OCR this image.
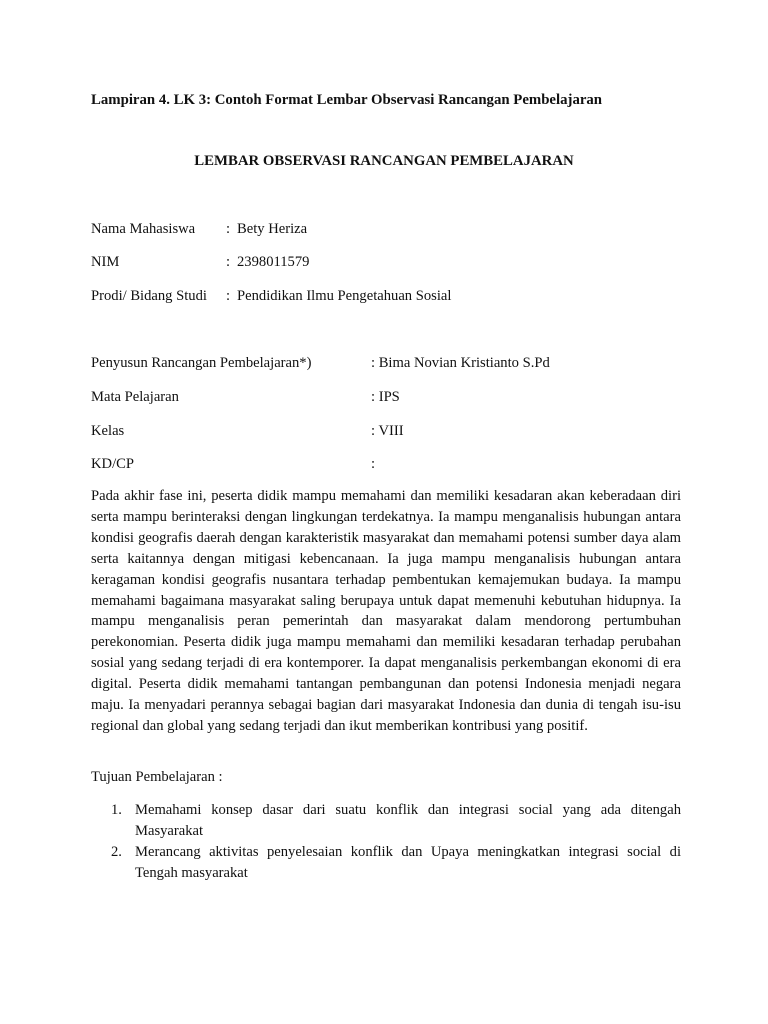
Lampiran 4. LK 3: Contoh Format Lembar Observasi Rancangan Pembelajaran
LEMBAR OBSERVASI RANCANGAN PEMBELAJARAN
Nama Mahasiswa : Bety Heriza
NIM	: 2398011579
Prodi/ Bidang Studi : Pendidikan Ilmu Pengetahuan Sosial
Penyusun Rancangan Pembelajaran*)	: Bima Novian Kristianto S.Pd
Mata Pelajaran	: IPS
Kelas	: VIII
KD/CP	:
Pada akhir fase ini, peserta didik mampu memahami dan memiliki kesadaran akan keberadaan diri serta mampu berinteraksi dengan lingkungan terdekatnya. Ia mampu menganalisis hubungan antara kondisi geografis daerah dengan karakteristik masyarakat dan memahami potensi sumber daya alam serta kaitannya dengan mitigasi kebencanaan. Ia juga mampu menganalisis hubungan antara keragaman kondisi geografis nusantara terhadap pembentukan kemajemukan budaya. Ia mampu memahami bagaimana masyarakat saling berupaya untuk dapat memenuhi kebutuhan hidupnya. Ia mampu menganalisis peran pemerintah dan masyarakat dalam mendorong pertumbuhan perekonomian. Peserta didik juga mampu memahami dan memiliki kesadaran terhadap perubahan sosial yang sedang terjadi di era kontemporer. Ia dapat menganalisis perkembangan ekonomi di era digital. Peserta didik memahami tantangan pembangunan dan potensi Indonesia menjadi negara maju. Ia menyadari perannya sebagai bagian dari masyarakat Indonesia dan dunia di tengah isu-isu regional dan global yang sedang terjadi dan ikut memberikan kontribusi yang positif.
Tujuan Pembelajaran :
1. Memahami konsep dasar dari suatu konflik dan integrasi social yang ada ditengah Masyarakat
2. Merancang aktivitas penyelesaian konflik dan Upaya meningkatkan integrasi social di Tengah masyarakat
